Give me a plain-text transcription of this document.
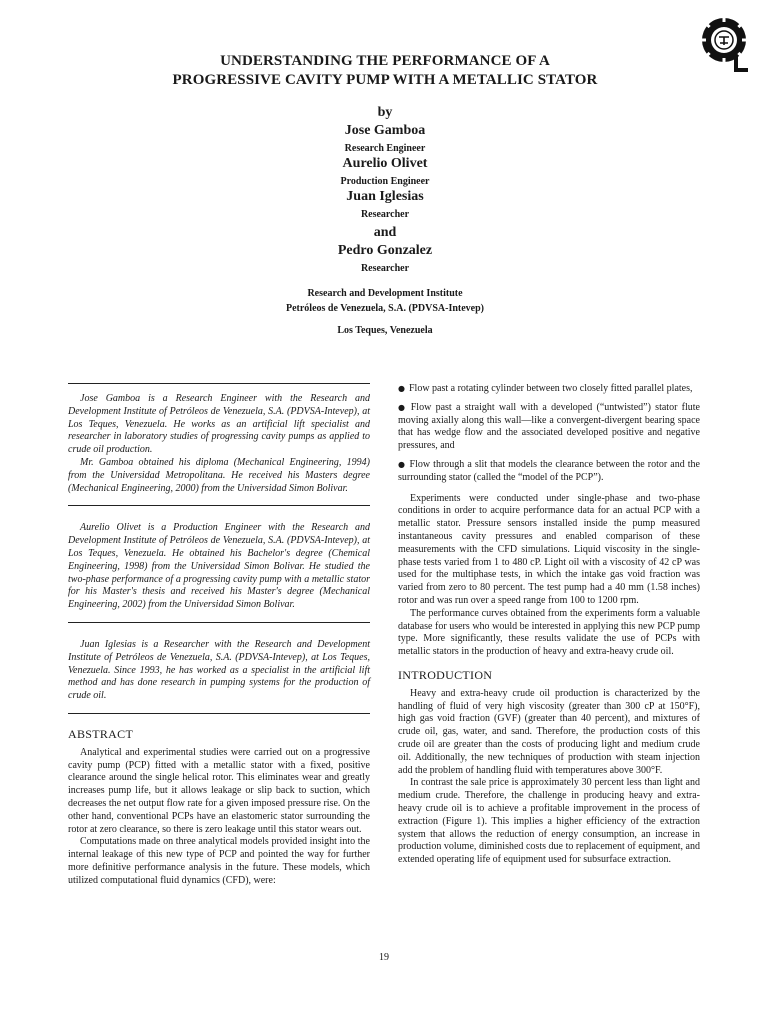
UNDERSTANDING THE PERFORMANCE OF A

PROGRESSIVE CAVITY PUMP WITH A METALLIC STATOR

by
Jose Gamboa
Research Engineer
Aurelio Olivet
Production Engineer
Juan Iglesias
Researcher
and
Pedro Gonzalez
Researcher
Research and Development Institute
Petróleos de Venezuela, S.A. (PDVSA-Intevep)
Los Teques, Venezuela

Jose Gamboa is a Research Engineer with the Research and Development Institute of Petróleos de Venezuela, S.A. (PDVSA-Intevep), at Los Teques, Venezuela. He works as an artificial lift specialist and researcher in laboratory studies of progressing cavity pumps as applied to crude oil production.

Mr. Gamboa obtained his diploma (Mechanical Engineering, 1994) from the Universidad Metropolitana. He received his Masters degree (Mechanical Engineering, 2000) from the Universidad Simon Bolivar.

Aurelio Olivet is a Production Engineer with the Research and Development Institute of Petróleos de Venezuela, S.A. (PDVSA-Intevep), at Los Teques, Venezuela. He obtained his Bachelor's degree (Chemical Engineering, 1998) from the Universidad Simon Bolivar. He studied the two-phase performance of a progressing cavity pump with a metallic stator for his Master's thesis and received his Master's degree (Mechanical Engineering, 2002) from the Universidad Simon Bolivar.

Juan Iglesias is a Researcher with the Research and Development Institute of Petróleos de Venezuela, S.A. (PDVSA-Intevep), at Los Teques, Venezuela. Since 1993, he has worked as a specialist in the artificial lift method and has done research in pumping systems for the production of crude oil.

ABSTRACT

Analytical and experimental studies were carried out on a progressive cavity pump (PCP) fitted with a metallic stator with a fixed, positive clearance around the single helical rotor. This eliminates wear and greatly increases pump life, but it allows leakage or slip back to suction, which decreases the net output flow rate for a given imposed pressure rise. On the other hand, conventional PCPs have an elastomeric stator surrounding the rotor at zero clearance, so there is zero leakage until this stator wears out.

Computations made on three analytical models provided insight into the internal leakage of this new type of PCP and pointed the way for further more definitive performance analysis in the future. These models, which utilized computational fluid dynamics (CFD), were:

● Flow past a rotating cylinder between two closely fitted parallel plates,

● Flow past a straight wall with a developed (“untwisted”) stator flute moving axially along this wall—like a convergent-divergent bearing space that has wedge flow and the associated developed positive and negative pressures, and

● Flow through a slit that models the clearance between the rotor and the surrounding stator (called the “model of the PCP”).

Experiments were conducted under single-phase and two-phase conditions in order to acquire performance data for an actual PCP with a metallic stator. Pressure sensors installed inside the pump measured instantaneous cavity pressures and enabled comparison of these measurements with the CFD simulations. Liquid viscosity in the single-phase tests varied from 1 to 480 cP. Light oil with a viscosity of 42 cP was used for the multiphase tests, in which the intake gas void fraction was varied from zero to 80 percent. The test pump had a 40 mm (1.58 inches) rotor and was run over a speed range from 100 to 1200 rpm.

The performance curves obtained from the experiments form a valuable database for users who would be interested in applying this new PCP pump type. More significantly, these results validate the use of PCPs with metallic stators in the production of heavy and extra-heavy crude oil.

INTRODUCTION

Heavy and extra-heavy crude oil production is characterized by the handling of fluid of very high viscosity (greater than 300 cP at 150°F), high gas void fraction (GVF) (greater than 40 percent), and mixtures of crude oil, gas, water, and sand. Therefore, the production costs of this crude oil are greater than the costs of producing light and medium crude oil. Additionally, the new techniques of production with steam injection add the problem of handling fluid with temperatures above 300°F.

In contrast the sale price is approximately 30 percent less than light and medium crude. Therefore, the challenge in producing heavy and extra-heavy crude oil is to achieve a profitable improvement in the process of extraction (Figure 1). This implies a higher efficiency of the extraction system that allows the reduction of energy consumption, an increase in production volume, diminished costs due to replacement of equipment, and extended operating life of equipment used for subsurface extraction.

19
